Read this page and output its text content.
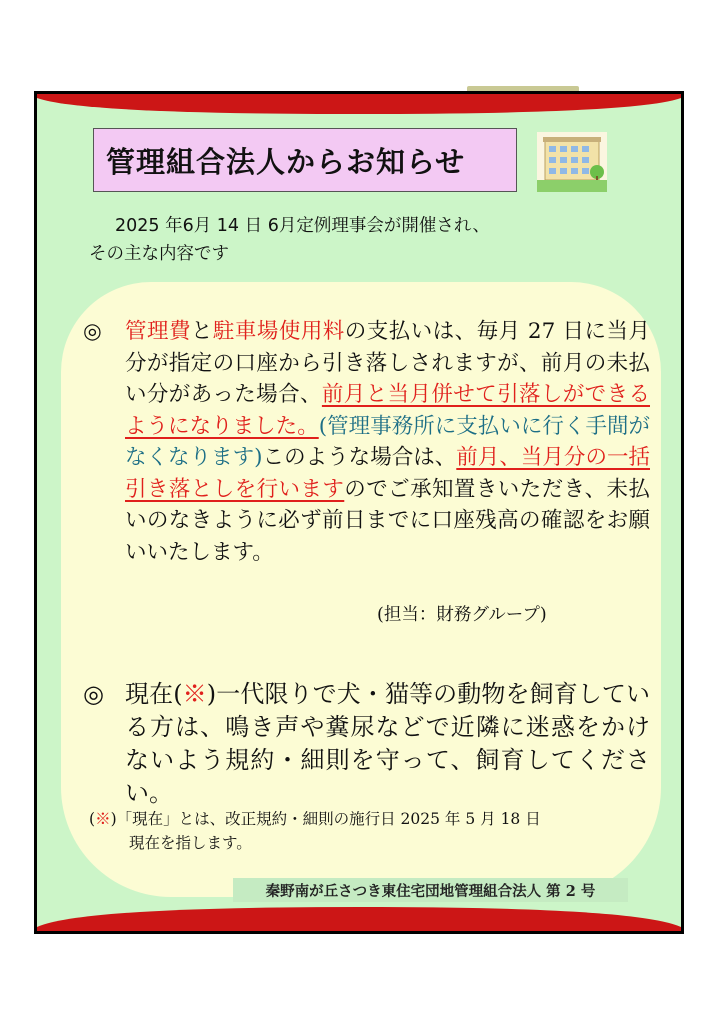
管理組合法人からお知らせ
2025 年6月 14 日 6月定例理事会が開催され、
その主な内容です
◎	管理費と駐車場使用料の支払いは、毎月 27 日に当月分が指定の口座から引き落しされますが、前月の未払い分があった場合、前月と当月併せて引落しができるようになりました。(管理事務所に支払いに行く手間がなくなります)このような場合は、前月、当月分の一括引き落としを行いますのでご承知置きいただき、未払いのなきように必ず前日までに口座残高の確認をお願いいたします。
(担当：財務グループ)
◎ 現在(※)一代限りで犬・猫等の動物を飼育している方は、鳴き声や糞尿などで近隣に迷惑をかけないよう規約・細則を守って、飼育してください。
(※)「現在」とは、改正規約・細則の施行日 2025 年 5 月 18 日
現在を指します。
秦野南が丘さつき東住宅団地管理組合法人 第 2 号
